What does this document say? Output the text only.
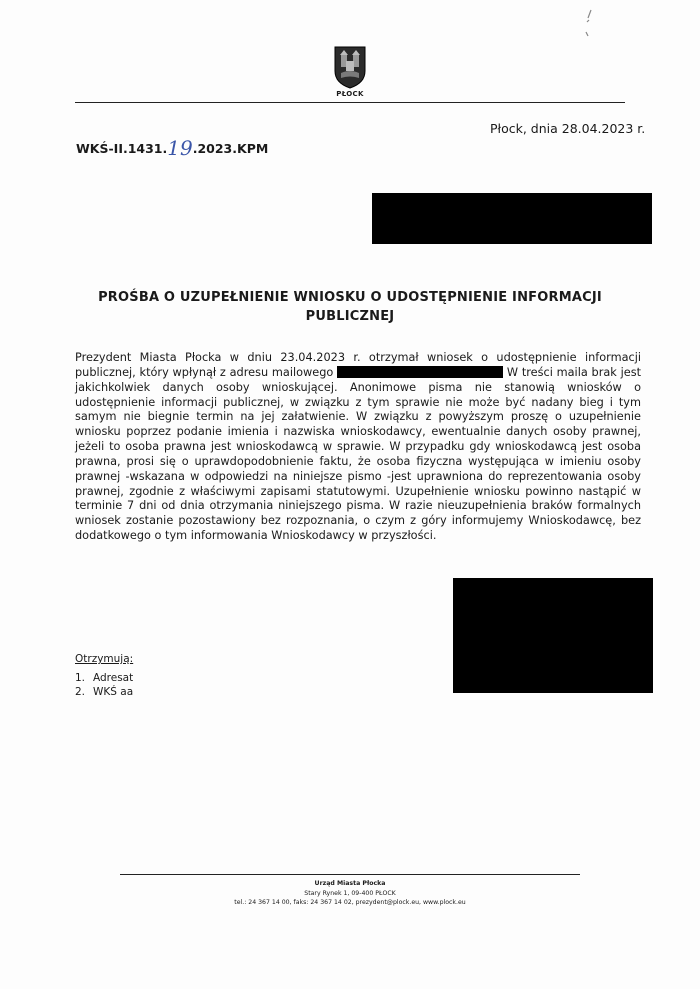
PŁOCK
WKŚ-II.1431.19.2023.KPM
Płock, dnia 28.04.2023 r.
PROŚBA O UZUPEŁNIENIE WNIOSKU O UDOSTĘPNIENIE INFORMACJI PUBLICZNEJ
Prezydent Miasta Płocka w dniu 23.04.2023 r. otrzymał wniosek o udostępnienie informacji publicznej, który wpłynął z adresu mailowego	W treści maila brak jest jakichkolwiek danych osoby wnioskującej. Anonimowe pisma nie stanowią wniosków o udostępnienie informacji publicznej, w związku z tym sprawie nie może być nadany bieg i tym samym nie biegnie termin na jej załatwienie. W związku z powyższym proszę o uzupełnienie wniosku poprzez podanie imienia i nazwiska wnioskodawcy, ewentualnie danych osoby prawnej, jeżeli to osoba prawna jest wnioskodawcą w sprawie. W przypadku gdy wnioskodawcą jest osoba prawna, prosi się o uprawdopodobnienie faktu, że osoba fizyczna występująca w imieniu osoby prawnej -wskazana w odpowiedzi na niniejsze pismo -jest uprawniona do reprezentowania osoby prawnej, zgodnie z właściwymi zapisami statutowymi. Uzupełnienie wniosku powinno nastąpić w terminie 7 dni od dnia otrzymania niniejszego pisma. W razie nieuzupełnienia braków formalnych wniosek zostanie pozostawiony bez rozpoznania, o czym z góry informujemy Wnioskodawcę, bez dodatkowego o tym informowania Wnioskodawcy w przyszłości.
Otrzymują:
1. Adresat
2. WKŚ aa
Urząd Miasta Płocka
Stary Rynek 1, 09-400 PŁOCK
tel.: 24 367 14 00, faks: 24 367 14 02, prezydent@plock.eu, www.plock.eu
